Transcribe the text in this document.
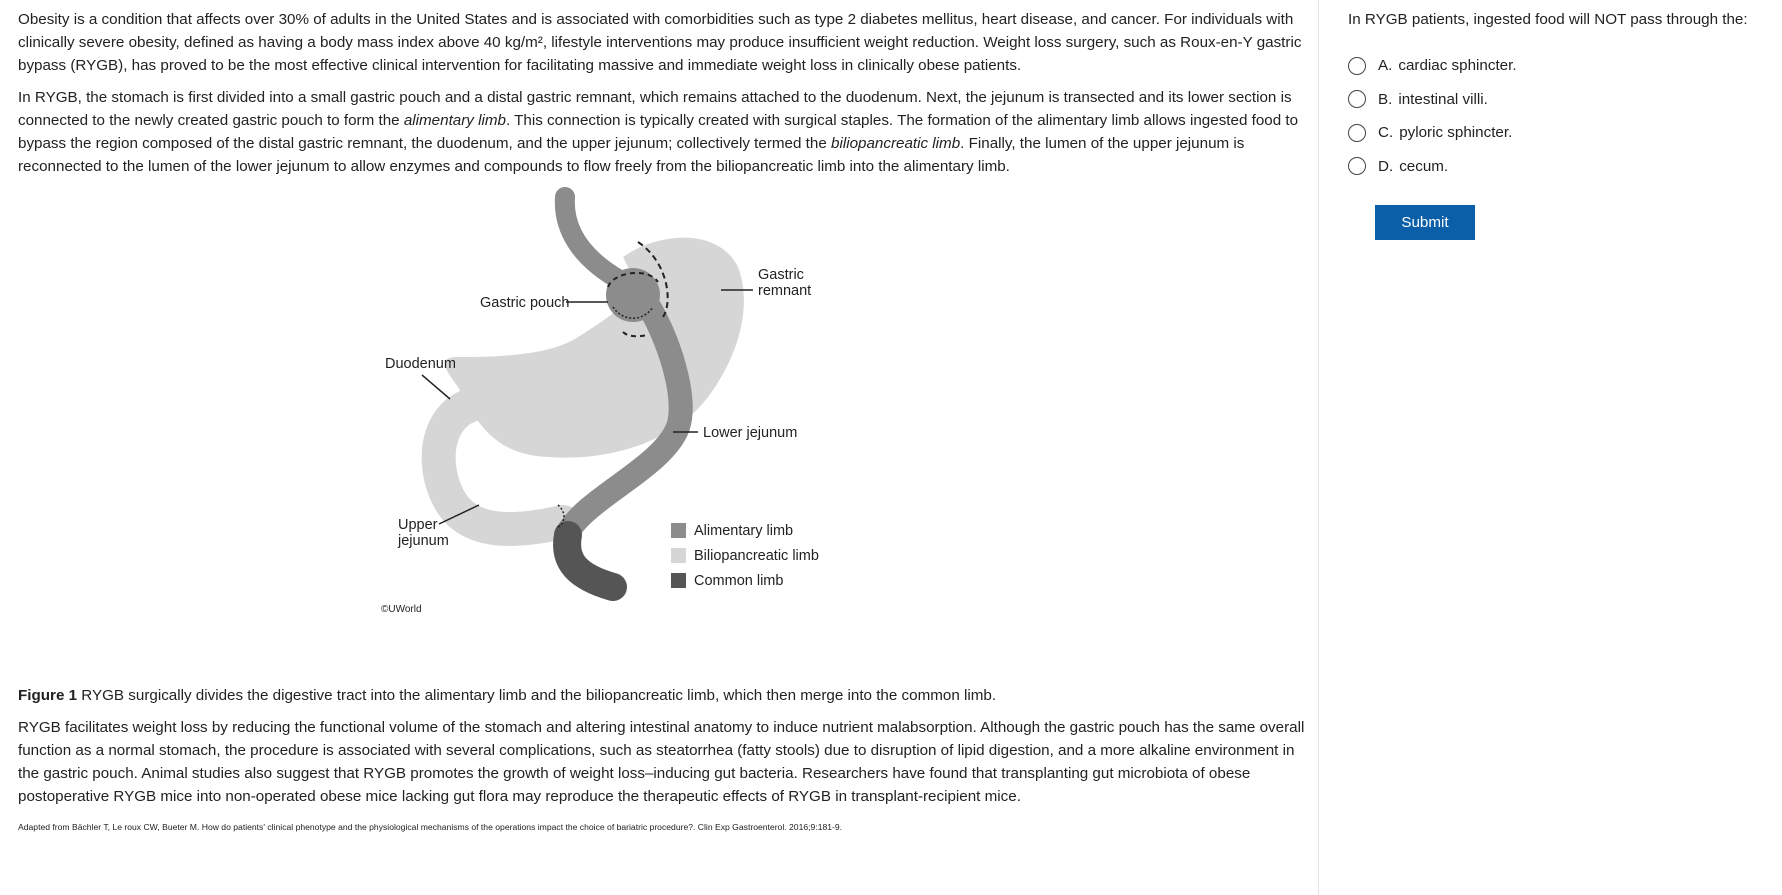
Obesity is a condition that affects over 30% of adults in the United States and is associated with comorbidities such as type 2 diabetes mellitus, heart disease, and cancer. For individuals with clinically severe obesity, defined as having a body mass index above 40 kg/m², lifestyle interventions may produce insufficient weight reduction. Weight loss surgery, such as Roux-en-Y gastric bypass (RYGB), has proved to be the most effective clinical intervention for facilitating massive and immediate weight loss in clinically obese patients.

In RYGB, the stomach is first divided into a small gastric pouch and a distal gastric remnant, which remains attached to the duodenum. Next, the jejunum is transected and its lower section is connected to the newly created gastric pouch to form the alimentary limb. This connection is typically created with surgical staples. The formation of the alimentary limb allows ingested food to bypass the region composed of the distal gastric remnant, the duodenum, and the upper jejunum; collectively termed the biliopancreatic limb. Finally, the lumen of the upper jejunum is reconnected to the lumen of the lower jejunum to allow enzymes and compounds to flow freely from the biliopancreatic limb into the alimentary limb.

Gastric pouch
Gastric
remnant
Duodenum
Lower jejunum
Upper
jejunum
Alimentary limb
Biliopancreatic limb
Common limb
©UWorld

Figure 1 RYGB surgically divides the digestive tract into the alimentary limb and the biliopancreatic limb, which then merge into the common limb.

RYGB facilitates weight loss by reducing the functional volume of the stomach and altering intestinal anatomy to induce nutrient malabsorption. Although the gastric pouch has the same overall function as a normal stomach, the procedure is associated with several complications, such as steatorrhea (fatty stools) due to disruption of lipid digestion, and a more alkaline environment in the gastric pouch. Animal studies also suggest that RYGB promotes the growth of weight loss–inducing gut bacteria. Researchers have found that transplanting gut microbiota of obese postoperative RYGB mice into non-operated obese mice lacking gut flora may reproduce the therapeutic effects of RYGB in transplant-recipient mice.

Adapted from Bächler T, Le roux CW, Bueter M. How do patients' clinical phenotype and the physiological mechanisms of the operations impact the choice of bariatric procedure?. Clin Exp Gastroenterol. 2016;9:181-9.

In RYGB patients, ingested food will NOT pass through the:

A. cardiac sphincter.
B. intestinal villi.
C. pyloric sphincter.
D. cecum.
Submit
